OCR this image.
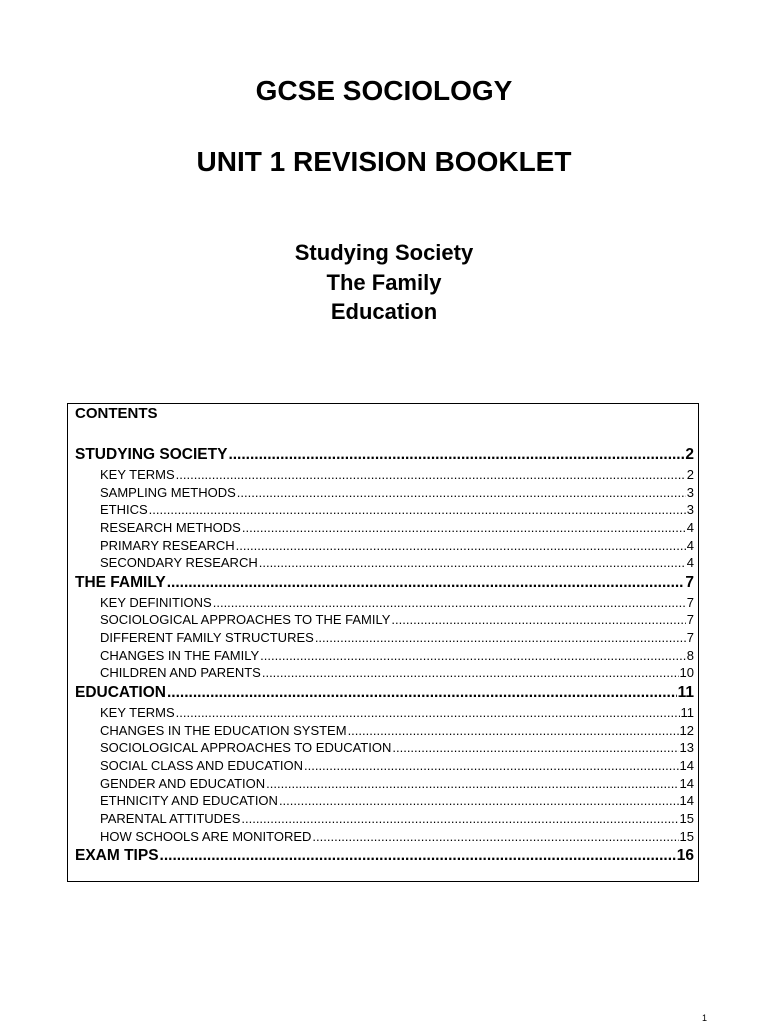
GCSE SOCIOLOGY
UNIT 1 REVISION BOOKLET
Studying Society
The Family
Education
CONTENTS
STUDYING SOCIETY .....	2
KEY TERMS .....	2
SAMPLING METHODS .....	3
ETHICS .....	3
RESEARCH METHODS .....	4
PRIMARY RESEARCH .....	4
SECONDARY RESEARCH .....	4
THE FAMILY .....	7
KEY DEFINITIONS .....	7
SOCIOLOGICAL APPROACHES TO THE FAMILY .....	7
DIFFERENT FAMILY STRUCTURES .....	7
CHANGES IN THE FAMILY .....	8
CHILDREN AND PARENTS .....	10
EDUCATION .....	11
KEY TERMS .....	11
CHANGES IN THE EDUCATION SYSTEM .....	12
SOCIOLOGICAL APPROACHES TO EDUCATION .....	13
SOCIAL CLASS AND EDUCATION .....	14
GENDER AND EDUCATION .....	14
ETHNICITY AND EDUCATION .....	14
PARENTAL ATTITUDES .....	15
HOW SCHOOLS ARE MONITORED .....	15
EXAM TIPS .....	16
1
